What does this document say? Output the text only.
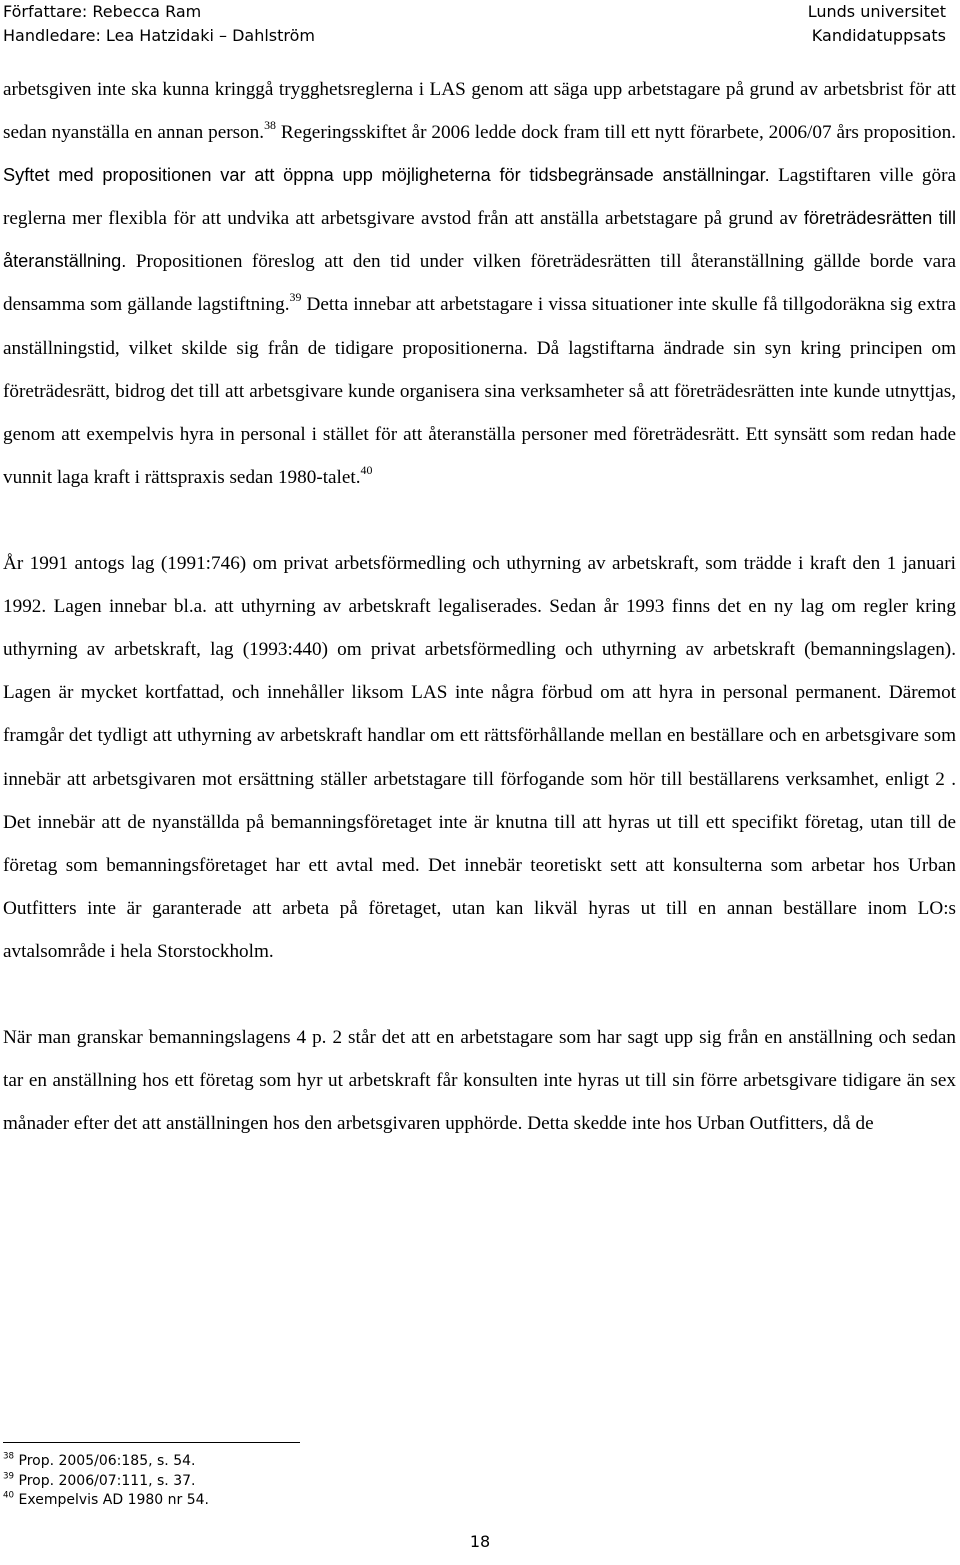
Författare: Rebecca Ram
Handledare: Lea Hatzidaki – Dahlström
Lunds universitet
Kandidatuppsats

arbetsgiven inte ska kunna kringgå trygghetsreglerna i LAS genom att säga upp arbetstagare på grund av arbetsbrist för att sedan nyanställa en annan person.$^{38}$ Regeringsskiftet år 2006 ledde dock fram till ett nytt förarbete, 2006/07 års proposition. Syftet med propositionen var att öppna upp möjligheterna för tidsbegränsade anställningar. Lagstiftaren ville göra reglerna mer flexibla för att undvika att arbetsgivare avstod från att anställa arbetstagare på grund av företrädesrätten till återanställning. Propositionen föreslog att den tid under vilken företrädesrätten till återanställning gällde borde vara densamma som gällande lagstiftning.$^{39}$ Detta innebar att arbetstagare i vissa situationer inte skulle få tillgodoräkna sig extra anställningstid, vilket skilde sig från de tidigare propositionerna. Då lagstiftarna ändrade sin syn kring principen om företrädesrätt, bidrog det till att arbetsgivare kunde organisera sina verksamheter så att företrädesrätten inte kunde utnyttjas, genom att exempelvis hyra in personal i stället för att återanställa personer med företrädesrätt. Ett synsätt som redan hade vunnit laga kraft i rättspraxis sedan 1980-talet.$^{40}$

År 1991 antogs lag (1991:746) om privat arbetsförmedling och uthyrning av arbetskraft, som trädde i kraft den 1 januari 1992. Lagen innebar bl.a. att uthyrning av arbetskraft legaliserades. Sedan år 1993 finns det en ny lag om regler kring uthyrning av arbetskraft, lag (1993:440) om privat arbetsförmedling och uthyrning av arbetskraft (bemanningslagen). Lagen är mycket kortfattad, och innehåller liksom LAS inte några förbud om att hyra in personal permanent. Däremot framgår det tydligt att uthyrning av arbetskraft handlar om ett rättsförhållande mellan en beställare och en arbetsgivare som innebär att arbetsgivaren mot ersättning ställer arbetstagare till förfogande som hör till beställarens verksamhet, enligt 2 . Det innebär att de nyanställda på bemanningsföretaget inte är knutna till att hyras ut till ett specifikt företag, utan till de företag som bemanningsföretaget har ett avtal med. Det innebär teoretiskt sett att konsulterna som arbetar hos Urban Outfitters inte är garanterade att arbeta på företaget, utan kan likväl hyras ut till en annan beställare inom LO:s avtalsområde i hela Storstockholm.

När man granskar bemanningslagens 4 p. 2 står det att en arbetstagare som har sagt upp sig från en anställning och sedan tar en anställning hos ett företag som hyr ut arbetskraft får konsulten inte hyras ut till sin förre arbetsgivare tidigare än sex månader efter det att anställningen hos den arbetsgivaren upphörde. Detta skedde inte hos Urban Outfitters, då de

$^{38}$ Prop. 2005/06:185, s. 54.
$^{39}$ Prop. 2006/07:111, s. 37.
$^{40}$ Exempelvis AD 1980 nr 54.
18
